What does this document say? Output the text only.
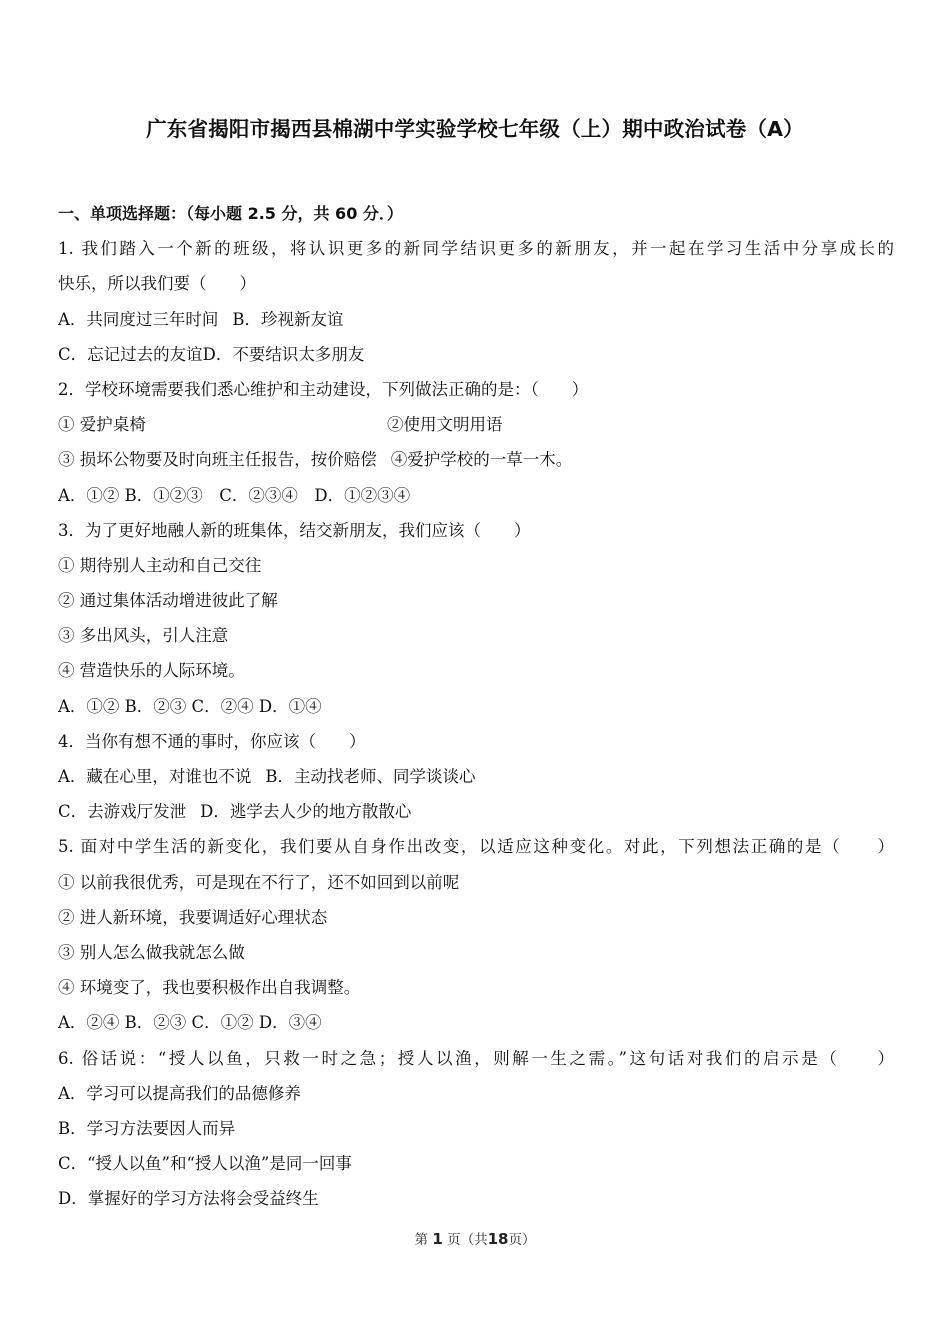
广东省揭阳市揭西县棉湖中学实验学校七年级（上）期中政治试卷（A）
一、单项选择题：（每小题 2.5 分，共 60 分．）
1. 我们踏入一个新的班级，将认识更多的新同学结识更多的新朋友，并一起在学习生活中分享成长的
快乐，所以我们要（　　）
A．共同度过三年时间 B．珍视新友谊
C．忘记过去的友谊D．不要结识太多朋友
2．学校环境需要我们悉心维护和主动建设，下列做法正确的是：（　　）
① 爱护桌椅	②使用文明用语
③ 损坏公物要及时向班主任报告，按价赔偿 ④爱护学校的一草一木。
A．①② B．①②③　C．②③④　D．①②③④
3．为了更好地融人新的班集体，结交新朋友，我们应该（　　）
① 期待别人主动和自己交往
② 通过集体活动增进彼此了解
③ 多出风头，引人注意
④ 营造快乐的人际环境。
A．①② B．②③ C．②④ D．①④
4．当你有想不通的事时，你应该（　　）
A．藏在心里，对谁也不说 B．主动找老师、同学谈谈心
C．去游戏厅发泄 D．逃学去人少的地方散散心
5. 面对中学生活的新变化，我们要从自身作出改变，以适应这种变化。对此，下列想法正确的是（　　）
① 以前我很优秀，可是现在不行了，还不如回到以前呢
② 进人新环境，我要调适好心理状态
③ 别人怎么做我就怎么做
④ 环境变了，我也要积极作出自我调整。
A．②④ B．②③ C．①② D．③④
6. 俗话说：“授人以鱼，只救一时之急；授人以渔，则解一生之需。”这句话对我们的启示是（　　）
A．学习可以提高我们的品德修养
B．学习方法要因人而异
C．“授人以鱼”和“授人以渔”是同一回事
D．掌握好的学习方法将会受益终生
第 1 页（共18页）
